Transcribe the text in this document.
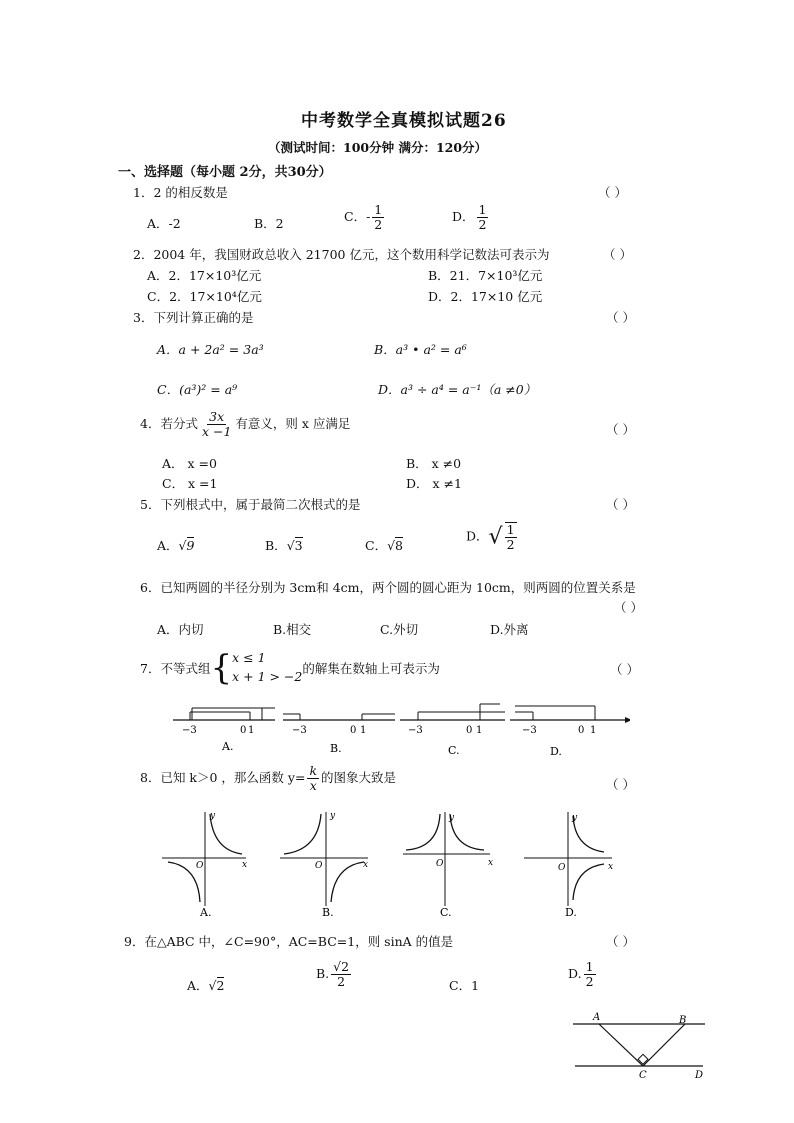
中考数学全真模拟试题26
（测试时间：100分钟 满分：120分）
一、选择题（每小题 2分，共30分）
1．2 的相反数是	（ ）
A．-2	B．2	C．- $\frac{1}{2}$	D． $\frac{1}{2}$
2．2004 年，我国财政总收入 21700 亿元，这个数用科学记数法可表示为	（ ）
A．2．17×10³亿元	B．21．7×10³亿元
C．2．17×10⁴亿元	D．2．17×10 亿元
3．下列计算正确的是	（ ）
A．a + 2a² = 3a³	B．a³ • a² = a⁶
C．(a³)² = a⁹	D．a³ ÷ a⁴ = a⁻¹（a ≠0）
4．若分式 $\frac{3x}{x -1}$ 有意义，则 x 应满足	（ ）
A． x =0	B． x ≠0
C． x =1	D． x ≠1
5．下列根式中，属于最简二次根式的是	（ ）
A．√9	B．√3	C．√8
D．√ $\frac{1}{2}$
6．已知两圆的半径分别为 3cm和 4cm，两个圆的圆心距为 10cm，则两圆的位置关系是
（ ）
A．内切	B.相交	C.外切	D.外离
7．不等式组{ x ≤ 1
x + 1 > −2
的解集在数轴上可表示为	（ ）
−3	0 1
A.
−3	0 1
B.
−3	0 1
C.
−3	0 1
D.
8．已知 k＞0 ，那么函数 $y= \frac{k}{x}$ 的图象大致是	（ ）
y
x
O
A.
y
x
O
B.
y
x
O
C.
y
x
O
D.
9．在△ABC 中，∠C=90°，AC=BC=1，则 sinA 的值是	（ ）
A．√2
B. $\frac{√2}{2}$	C．1
D. $\frac{1}{2}$
A	B
C	D
